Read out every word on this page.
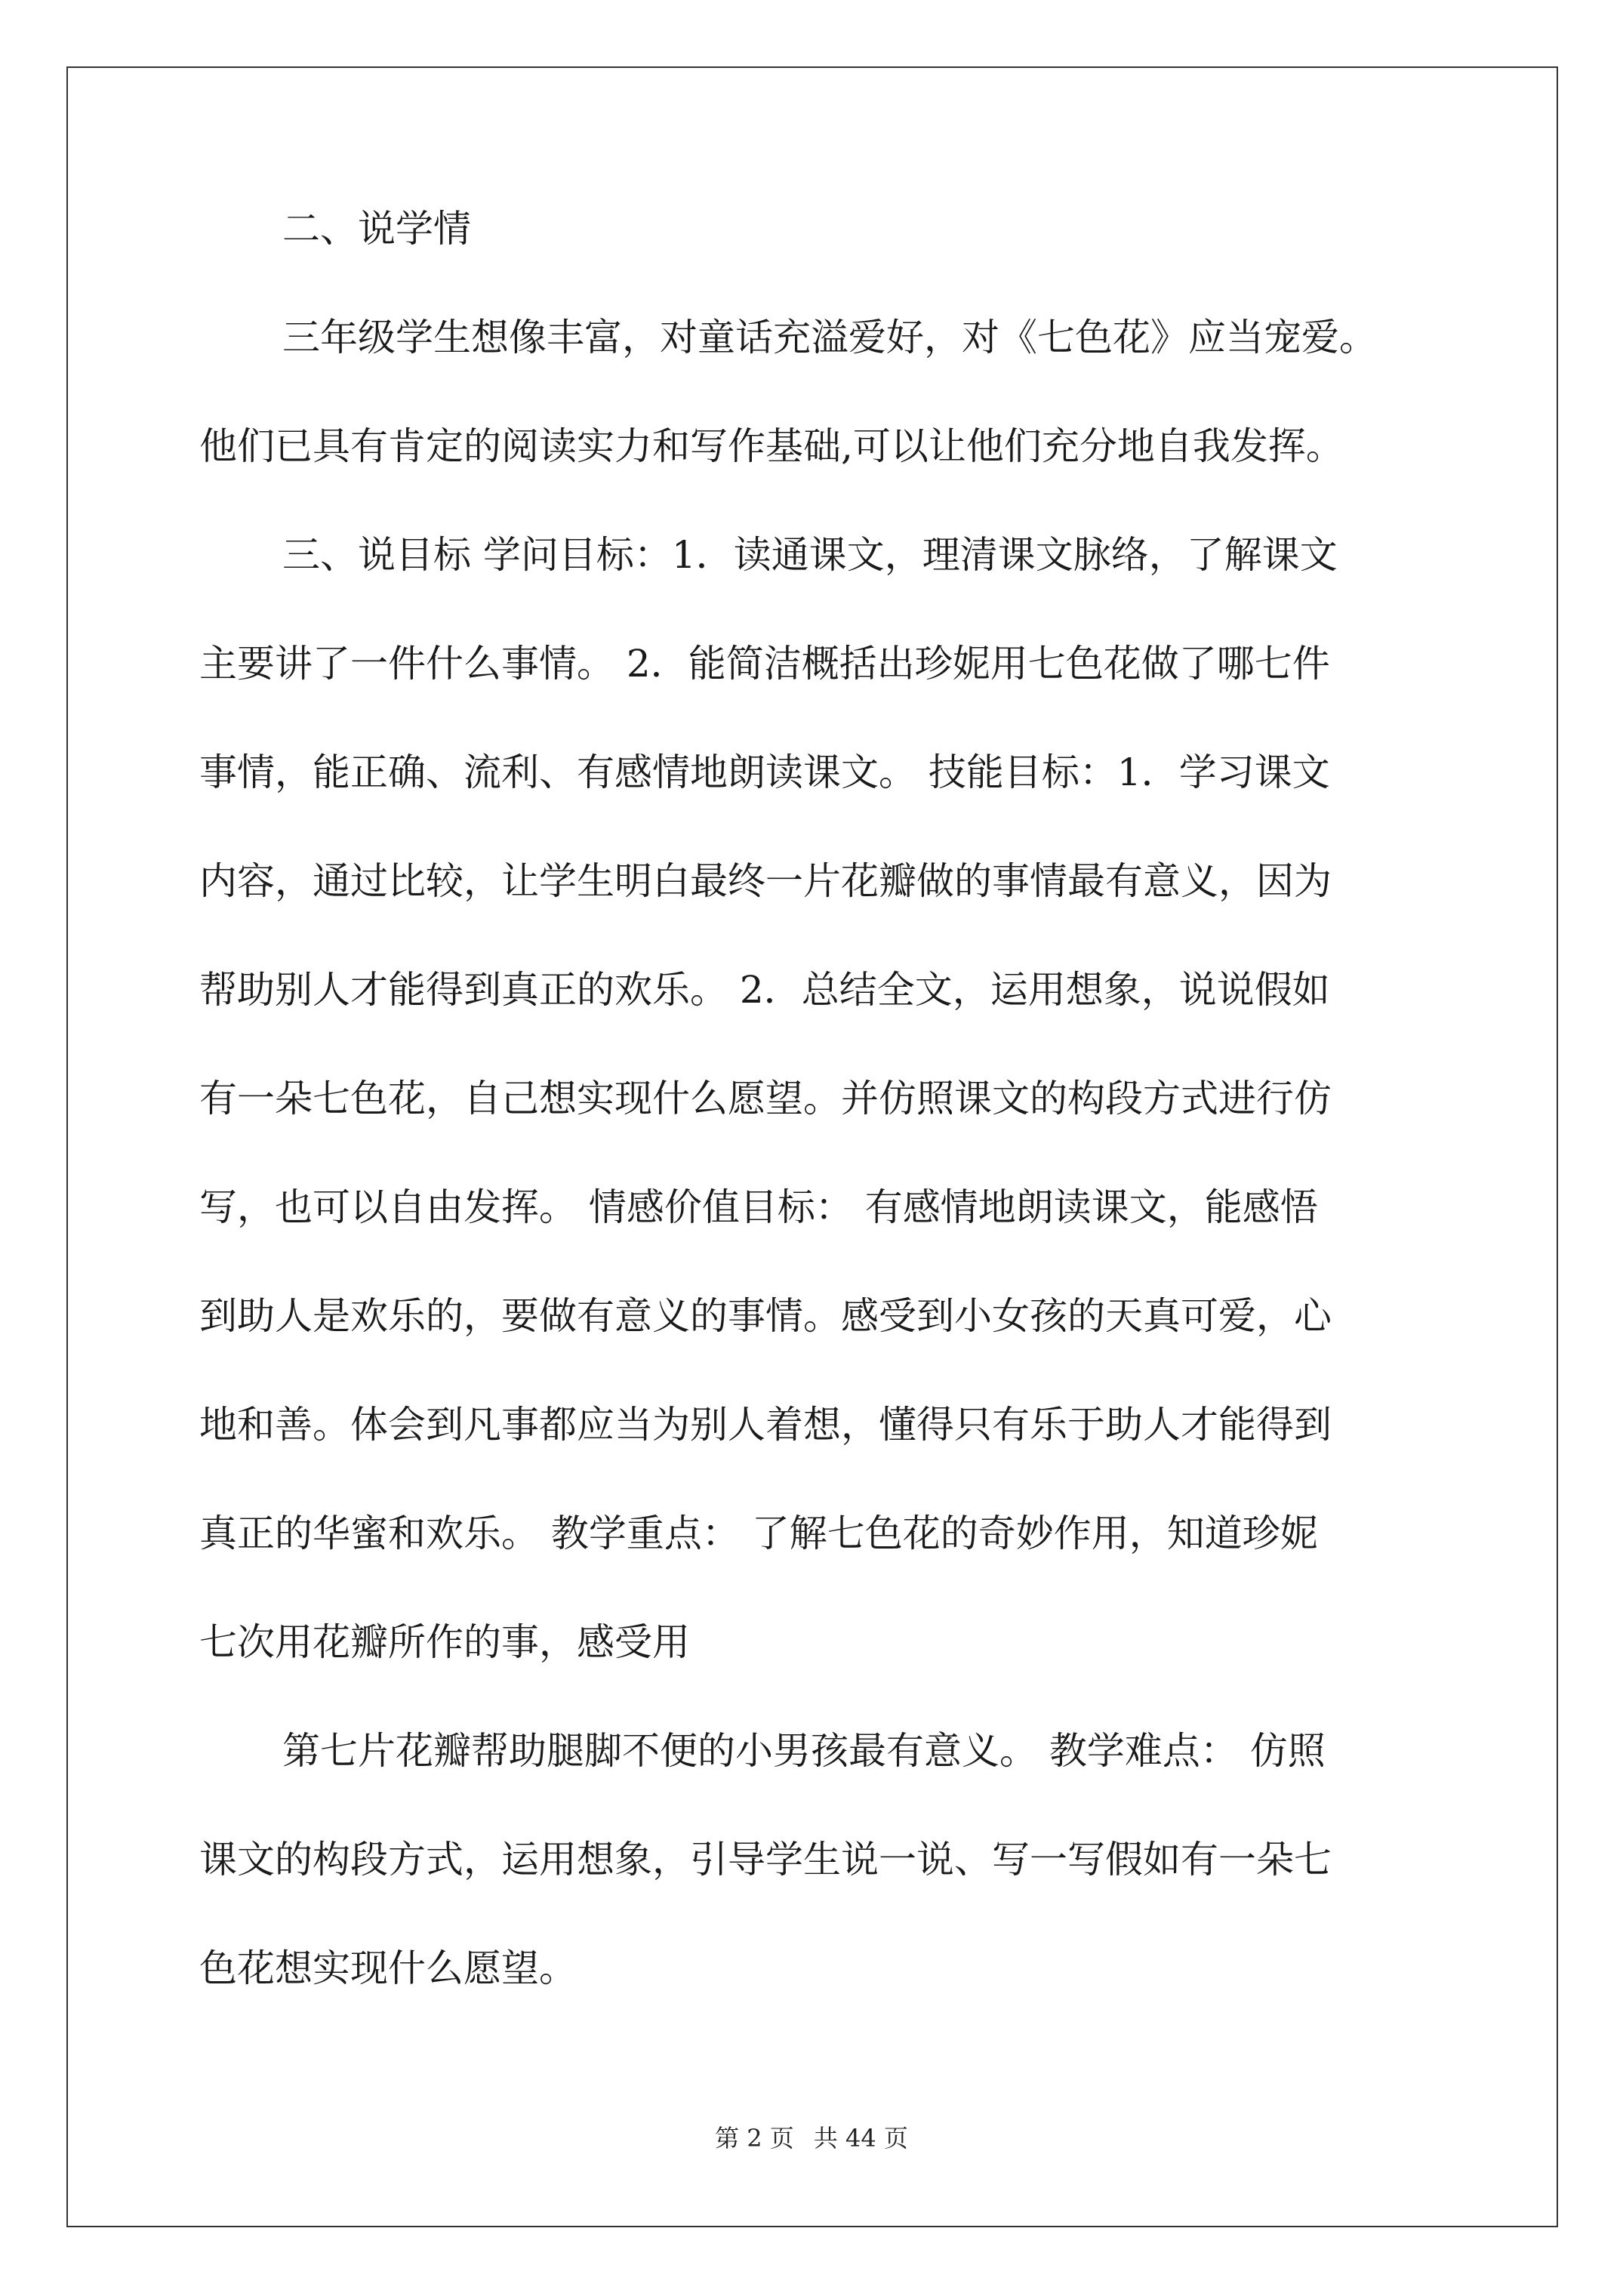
二、说学情
三年级学生想像丰富，对童话充溢爱好，对《七色花》应当宠爱。
他们已具有肯定的阅读实力和写作基础,可以让他们充分地自我发挥。
三、说目标 学问目标：1．读通课文，理清课文脉络，了解课文
主要讲了一件什么事情。 2．能简洁概括出珍妮用七色花做了哪七件
事情，能正确、流利、有感情地朗读课文。 技能目标：1．学习课文
内容，通过比较，让学生明白最终一片花瓣做的事情最有意义，因为
帮助别人才能得到真正的欢乐。 2．总结全文，运用想象，说说假如
有一朵七色花，自己想实现什么愿望。并仿照课文的构段方式进行仿
写，也可以自由发挥。 情感价值目标： 有感情地朗读课文，能感悟
到助人是欢乐的，要做有意义的事情。感受到小女孩的天真可爱，心
地和善。体会到凡事都应当为别人着想，懂得只有乐于助人才能得到
真正的华蜜和欢乐。 教学重点： 了解七色花的奇妙作用，知道珍妮
七次用花瓣所作的事，感受用
第七片花瓣帮助腿脚不便的小男孩最有意义。 教学难点： 仿照
课文的构段方式，运用想象，引导学生说一说、写一写假如有一朵七
色花想实现什么愿望。
第 2 页 共 44 页
